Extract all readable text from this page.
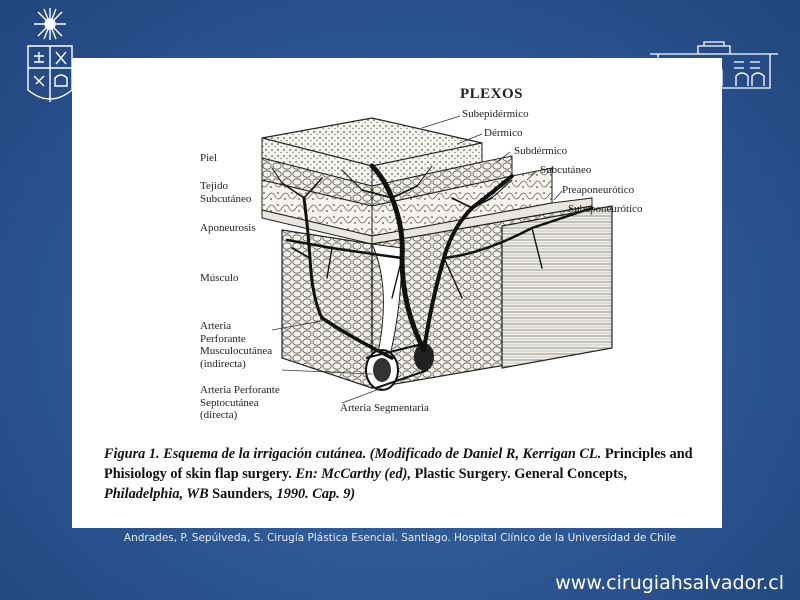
PLEXOS
Subepidérmico
Dérmico
Subdérmico
Subcutáneo
Preaponeurótico
Subaponeurótico
Piel
Tejido
Subcutáneo
Aponeurosis
Músculo
Arteria
Perforante
Musculocutánea
(indirecta)
Arteria Perforante
Septocutánea
(directa)
Arteria Segmentaria
Figura 1. Esquema de la irrigación cutánea. (Modificado de Daniel R, Kerrigan CL. Principles and Phisiology of skin flap surgery. En: McCarthy (ed), Plastic Surgery. General Concepts, Philadelphia, WB Saunders, 1990. Cap. 9)
Andrades, P. Sepúlveda, S. Cirugía Plástica Esencial. Santiago. Hospital Clínico de la Universidad de Chile
www.cirugiahsalvador.cl
